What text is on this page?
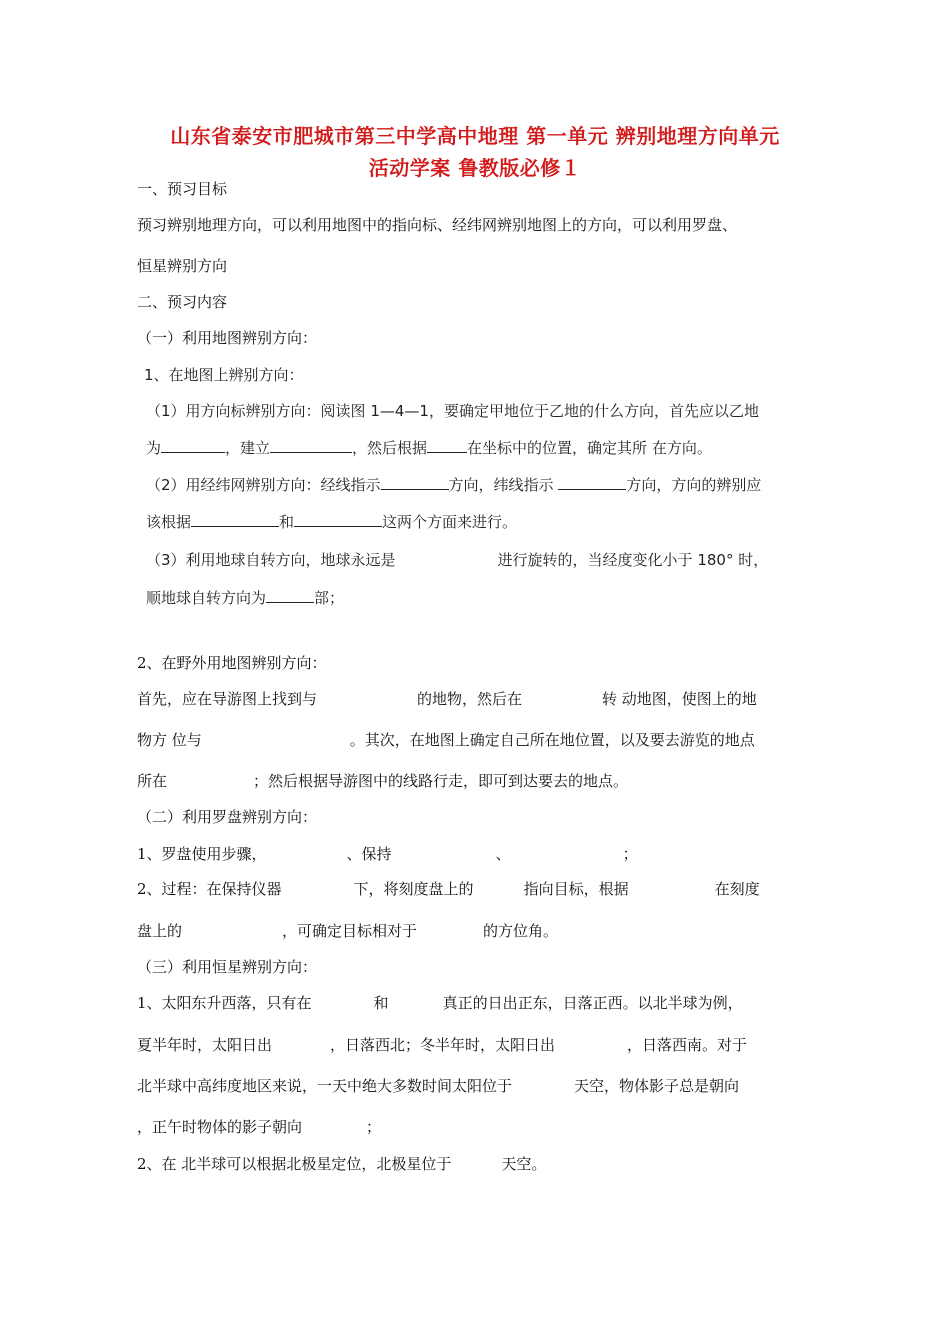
山东省泰安市肥城市第三中学高中地理 第一单元 辨别地理方向单元
活动学案 鲁教版必修１
一、预习目标
预习辨别地理方向，可以利用地图中的指向标、经纬网辨别地图上的方向，可以利用罗盘、
恒星辨别方向
二、预习内容
（一）利用地图辨别方向：
1、在地图上辨别方向：
（1）用方向标辨别方向：阅读图 1—4—1，要确定甲地位于乙地的什么方向，首先应以乙地
为	，建立	，然后根据	在坐标中的位置，确定其所 在方向。
（2）用经纬网辨别方向：经线指示	方向，纬线指示	方向，方向的辨别应
该根据	和	这两个方面来进行。
（3）利用地球自转方向，地球永远是	进行旋转的，当经度变化小于 180° 时，
顺地球自转方向为	部；
2、在野外用地图辨别方向：
首先，应在导游图上找到与	的地物，然后在	转 动地图，使图上的地
物方 位与	。其次，在地图上确定自己所在地位置，以及要去游览的地点
所在	；然后根据导游图中的线路行走，即可到达要去的地点。
（二）利用罗盘辨别方向：
1、罗盘使用步骤，	、保持	、	；
2、过程：在保持仪器	下，将刻度盘上的	指向目标，根据	在刻度
盘上的	，可确定目标相对于	的方位角。
（三）利用恒星辨别方向：
1、太阳东升西落，只有在	和	真正的日出正东，日落正西。以北半球为例，
夏半年时，太阳日出	，日落西北；冬半年时，太阳日出	，日落西南。对于
北半球中高纬度地区来说，一天中绝大多数时间太阳位于	天空，物体影子总是朝向
，正午时物体的影子朝向	；
2、在 北半球可以根据北极星定位，北极星位于	天空。
